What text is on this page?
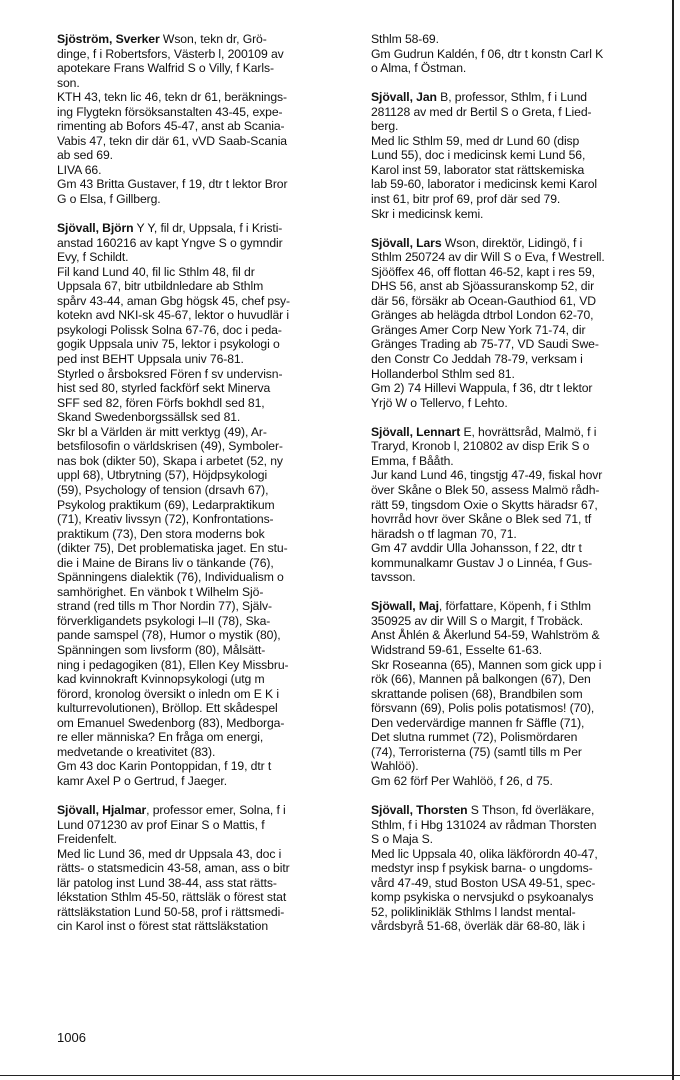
Sjöström, Sverker Wson, tekn dr, Grö-
dinge, f i Robertsfors, Västerb l, 200109 av
apotekare Frans Walfrid S o Villy, f Karls-
son.
KTH 43, tekn lic 46, tekn dr 61, beräknings-
ing Flygtekn försöksanstalten 43-45, expe-
rimenting ab Bofors 45-47, anst ab Scania-
Vabis 47, tekn dir där 61, vVD Saab-Scania
ab sed 69.
LIVA 66.
Gm 43 Britta Gustaver, f 19, dtr t lektor Bror
G o Elsa, f Gillberg.
Sjövall, Björn Y Y, fil dr, Uppsala, f i Kristi-
anstad 160216 av kapt Yngve S o gymndir
Evy, f Schildt.
Fil kand Lund 40, fil lic Sthlm 48, fil dr
Uppsala 67, bitr utbildnledare ab Sthlm
spårv 43-44, aman Gbg högsk 45, chef psy-
kotekn avd NKI-sk 45-67, lektor o huvudlär i
psykologi Polissk Solna 67-76, doc i peda-
gogik Uppsala univ 75, lektor i psykologi o
ped inst BEHT Uppsala univ 76-81.
Styrled o årsboksred Fören f sv undervisn-
hist sed 80, styrled fackförf sekt Minerva
SFF sed 82, fören Förfs bokhdl sed 81,
Skand Swedenborgssällsk sed 81.
Skr bl a Världen är mitt verktyg (49), Ar-
betsfilosofin o världskrisen (49), Symboler-
nas bok (dikter 50), Skapa i arbetet (52, ny
uppl 68), Utbrytning (57), Höjdpsykologi
(59), Psychology of tension (drsavh 67),
Psykolog praktikum (69), Ledarpraktikum
(71), Kreativ livssyn (72), Konfrontations-
praktikum (73), Den stora moderns bok
(dikter 75), Det problematiska jaget. En stu-
die i Maine de Birans liv o tänkande (76),
Spänningens dialektik (76), Individualism o
samhörighet. En vänbok t Wilhelm Sjö-
strand (red tills m Thor Nordin 77), Själv-
förverkligandets psykologi I–II (78), Ska-
pande samspel (78), Humor o mystik (80),
Spänningen som livsform (80), Målsätt-
ning i pedagogiken (81), Ellen Key Missbru-
kad kvinnokraft Kvinnopsykologi (utg m
förord, kronolog översikt o inledn om E K i
kulturrevolutionen), Bröllop. Ett skådespel
om Emanuel Swedenborg (83), Medborga-
re eller människa? En fråga om energi,
medvetande o kreativitet (83).
Gm 43 doc Karin Pontoppidan, f 19, dtr t
kamr Axel P o Gertrud, f Jaeger.
Sjövall, Hjalmar, professor emer, Solna, f i
Lund 071230 av prof Einar S o Mattis, f
Freidenfelt.
Med lic Lund 36, med dr Uppsala 43, doc i
rätts- o statsmedicin 43-58, aman, ass o bitr
lär patolog inst Lund 38-44, ass stat rätts-
lékstation Sthlm 45-50, rättsläk o förest stat
rättsläkstation Lund 50-58, prof i rättsmedi-
cin Karol inst o förest stat rättsläkstation
Sthlm 58-69.
Gm Gudrun Kaldén, f 06, dtr t konstn Carl K
o Alma, f Östman.
Sjövall, Jan B, professor, Sthlm, f i Lund
281128 av med dr Bertil S o Greta, f Lied-
berg.
Med lic Sthlm 59, med dr Lund 60 (disp
Lund 55), doc i medicinsk kemi Lund 56,
Karol inst 59, laborator stat rättskemiska
lab 59-60, laborator i medicinsk kemi Karol
inst 61, bitr prof 69, prof där sed 79.
Skr i medicinsk kemi.
Sjövall, Lars Wson, direktör, Lidingö, f i
Sthlm 250724 av dir Will S o Eva, f Westrell.
Sjööffex 46, off flottan 46-52, kapt i res 59,
DHS 56, anst ab Sjöassuranskomp 52, dir
där 56, försäkr ab Ocean-Gauthiod 61, VD
Gränges ab helägda dtrbol London 62-70,
Gränges Amer Corp New York 71-74, dir
Gränges Trading ab 75-77, VD Saudi Swe-
den Constr Co Jeddah 78-79, verksam i
Hollanderbol Sthlm sed 81.
Gm 2) 74 Hillevi Wappula, f 36, dtr t lektor
Yrjö W o Tellervo, f Lehto.
Sjövall, Lennart E, hovrättsråd, Malmö, f i
Traryd, Kronob l, 210802 av disp Erik S o
Emma, f Bååth.
Jur kand Lund 46, tingstjg 47-49, fiskal hovr
över Skåne o Blek 50, assess Malmö rådh-
rätt 59, tingsdom Oxie o Skytts häradsr 67,
hovrråd hovr över Skåne o Blek sed 71, tf
häradsh o tf lagman 70, 71.
Gm 47 avddir Ulla Johansson, f 22, dtr t
kommunalkamr Gustav J o Linnéa, f Gus-
tavsson.
Sjöwall, Maj, författare, Köpenh, f i Sthlm
350925 av dir Will S o Margit, f Trobäck.
Anst Åhlén & Åkerlund 54-59, Wahlström &
Widstrand 59-61, Esselte 61-63.
Skr Roseanna (65), Mannen som gick upp i
rök (66), Mannen på balkongen (67), Den
skrattande polisen (68), Brandbilen som
försvann (69), Polis polis potatismos! (70),
Den vedervärdige mannen fr Säffle (71),
Det slutna rummet (72), Polismördaren
(74), Terroristerna (75) (samtl tills m Per
Wahlöö).
Gm 62 förf Per Wahlöö, f 26, d 75.
Sjövall, Thorsten S Thson, fd överläkare,
Sthlm, f i Hbg 131024 av rådman Thorsten
S o Maja S.
Med lic Uppsala 40, olika läkförordn 40-47,
medstyr insp f psykisk barna- o ungdoms-
vård 47-49, stud Boston USA 49-51, spec-
komp psykiska o nervsjukd o psykoanalys
52, poliklinikläk Sthlms l landst mental-
vårdsbyrå 51-68, överläk där 68-80, läk i
1006
